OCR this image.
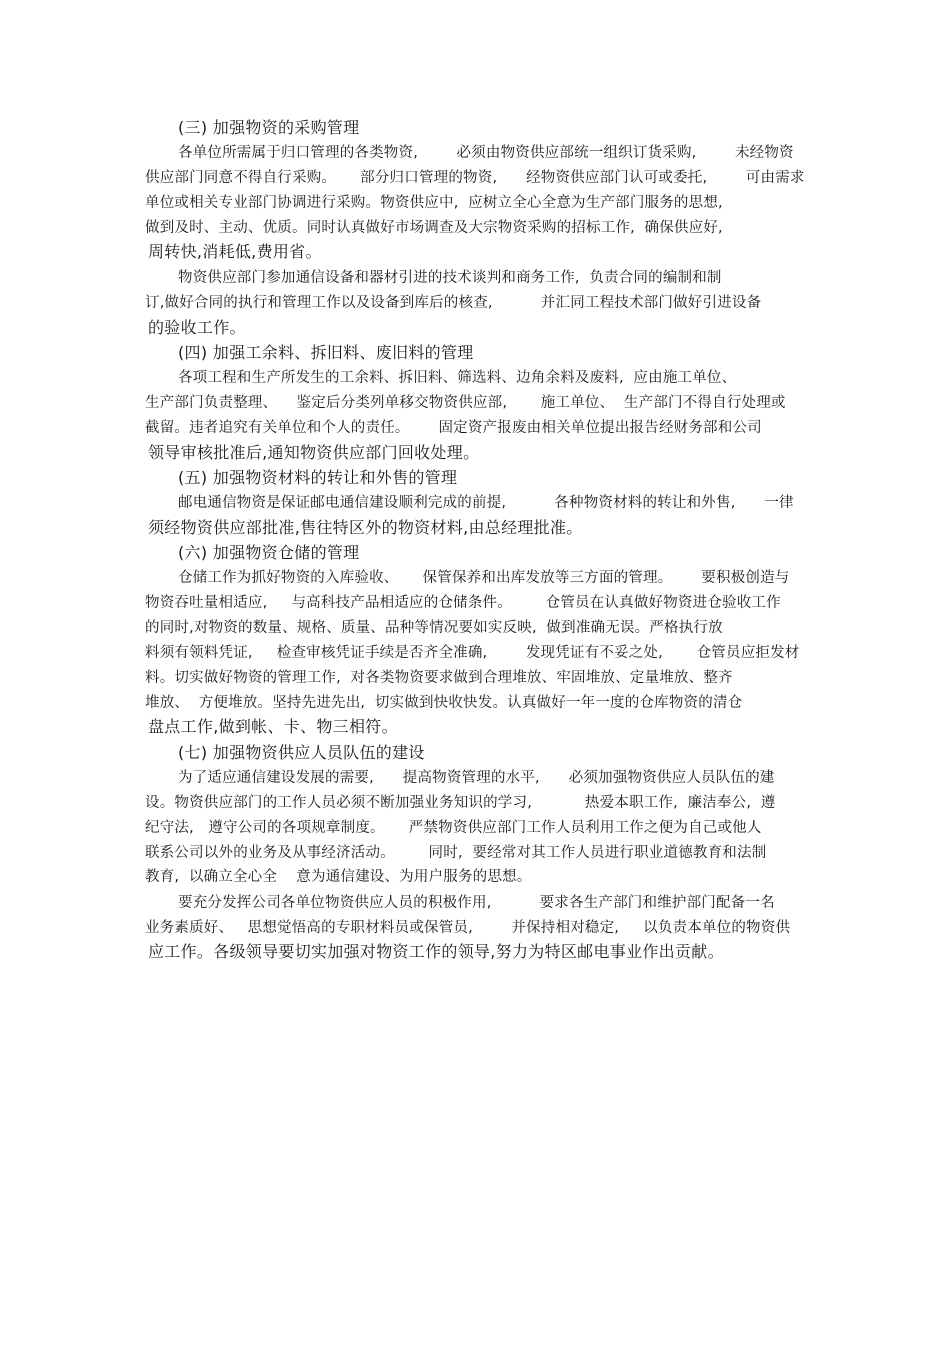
(三) 加强物资的采购管理
各单位所需属于归口管理的各类物资,        必须由物资供应部统一组织订货采购,        未经物资
供应部门同意不得自行采购。     部分归口管理的物资,      经物资供应部门认可或委托,        可由需求
单位或相关专业部门协调进行采购。物资供应中,  应树立全心全意为生产部门服务的思想,
做到及时、主动、优质。同时认真做好市场调查及大宗物资采购的招标工作,  确保供应好,
周转快,消耗低,费用省。
物资供应部门参加通信设备和器材引进的技术谈判和商务工作,  负责合同的编制和制
订,做好合同的执行和管理工作以及设备到库后的核查,          并汇同工程技术部门做好引进设备
的验收工作。
(四) 加强工余料、拆旧料、废旧料的管理
各项工程和生产所发生的工余料、拆旧料、筛选料、边角余料及废料,  应由施工单位、
生产部门负责整理、    鉴定后分类列单移交物资供应部,       施工单位、  生产部门不得自行处理或
截留。违者追究有关单位和个人的责任。      固定资产报废由相关单位提出报告经财务部和公司
领导审核批准后,通知物资供应部门回收处理。
(五) 加强物资材料的转让和外售的管理
邮电通信物资是保证邮电通信建设顺利完成的前提,          各种物资材料的转让和外售,      一律
须经物资供应部批准,售往特区外的物资材料,由总经理批准。
(六) 加强物资仓储的管理
仓储工作为抓好物资的入库验收、     保管保养和出库发放等三方面的管理。      要积极创造与
物资吞吐量相适应,     与高科技产品相适应的仓储条件。       仓管员在认真做好物资进仓验收工作
的同时,对物资的数量、规格、质量、品种等情况要如实反映,  做到准确无误。严格执行放
料须有领料凭证,     检查审核凭证手续是否齐全准确,        发现凭证有不妥之处,       仓管员应拒发材
料。切实做好物资的管理工作,  对各类物资要求做到合理堆放、牢固堆放、定量堆放、整齐
堆放、  方便堆放。坚持先进先出,  切实做到快收快发。认真做好一年一度的仓库物资的清仓
盘点工作,做到帐、卡、物三相符。
(七) 加强物资供应人员队伍的建设
为了适应通信建设发展的需要,      提高物资管理的水平,      必须加强物资供应人员队伍的建
设。物资供应部门的工作人员必须不断加强业务知识的学习,           热爱本职工作,  廉洁奉公,  遵
纪守法,   遵守公司的各项规章制度。     严禁物资供应部门工作人员利用工作之便为自己或他人
联系公司以外的业务及从事经济活动。       同时,  要经常对其工作人员进行职业道德教育和法制
教育,  以确立全心全    意为通信建设、为用户服务的思想。
要充分发挥公司各单位物资供应人员的积极作用,          要求各生产部门和维护部门配备一名
业务素质好、   思想觉悟高的专职材料员或保管员,        并保持相对稳定,     以负责本单位的物资供
应工作。各级领导要切实加强对物资工作的领导,努力为特区邮电事业作出贡献。
